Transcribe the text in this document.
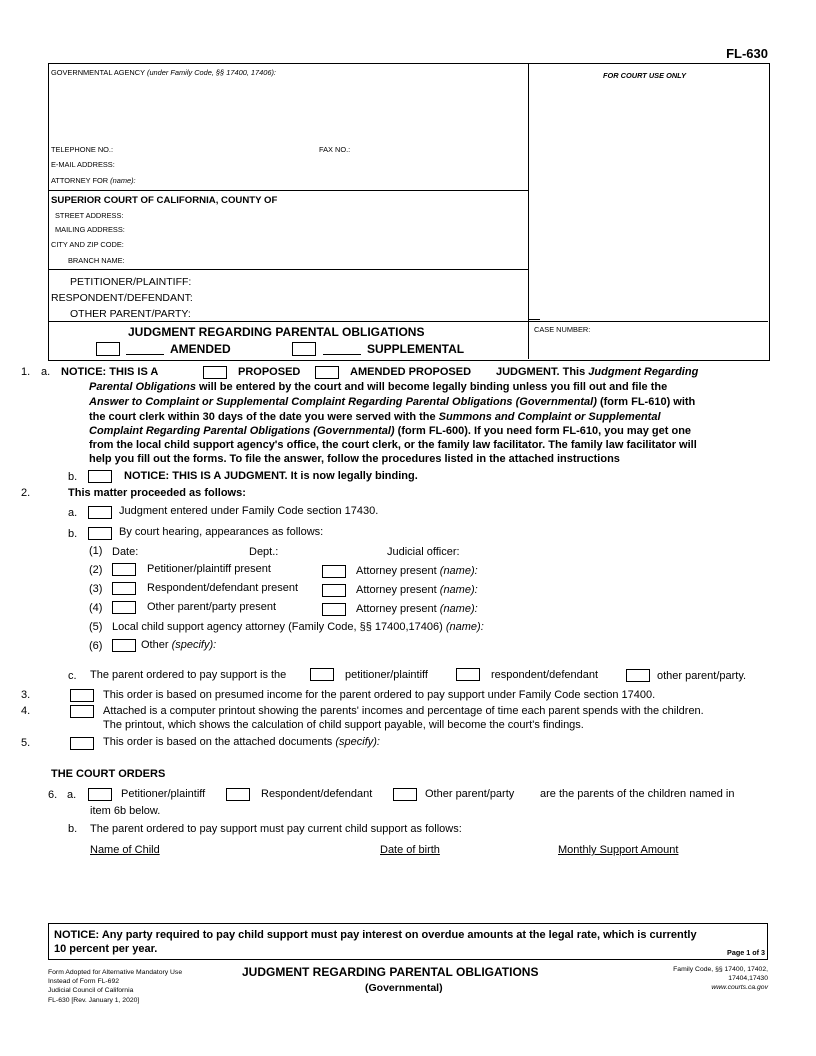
FL-630
GOVERNMENTAL AGENCY (under Family Code, §§ 17400, 17406):	FOR COURT USE ONLY
TELEPHONE NO.:	FAX NO.:
E-MAIL ADDRESS:
ATTORNEY FOR (name):
SUPERIOR COURT OF CALIFORNIA, COUNTY OF
STREET ADDRESS:
MAILING ADDRESS:
CITY AND ZIP CODE:
BRANCH NAME:
PETITIONER/PLAINTIFF:
RESPONDENT/DEFENDANT:
OTHER PARENT/PARTY:
JUDGMENT REGARDING PARENTAL OBLIGATIONS
AMENDED	SUPPLEMENTAL
CASE NUMBER:
1. a. NOTICE: THIS IS A	PROPOSED	AMENDED PROPOSED JUDGMENT. This Judgment Regarding
Parental Obligations will be entered by the court and will become legally binding unless you fill out and file the
Answer to Complaint or Supplemental Complaint Regarding Parental Obligations (Governmental) (form FL-610) with
the court clerk within 30 days of the date you were served with the Summons and Complaint or Supplemental
Complaint Regarding Parental Obligations (Governmental) (form FL-600). If you need form FL-610, you may get one
from the local child support agency's office, the court clerk, or the family law facilitator. The family law facilitator will
help you fill out the forms. To file the answer, follow the procedures listed in the attached instructions
b.	NOTICE: THIS IS A JUDGMENT. It is now legally binding.
2.	This matter proceeded as follows:
a.	Judgment entered under Family Code section 17430.
b.	By court hearing, appearances as follows:
(1) Date:	Dept.:	Judicial officer:
(2)	Petitioner/plaintiff present	Attorney present (name):
(3)	Respondent/defendant present	Attorney present (name):
(4)	Other parent/party present	Attorney present (name):
(5) Local child support agency attorney (Family Code, §§ 17400,17406) (name):
(6)	Other (specify):
c. The parent ordered to pay support is the	petitioner/plaintiff	respondent/defendant	other parent/party.
3.	This order is based on presumed income for the parent ordered to pay support under Family Code section 17400.
4.	Attached is a computer printout showing the parents' incomes and percentage of time each parent spends with the children.
The printout, which shows the calculation of child support payable, will become the court's findings.
5.	This order is based on the attached documents (specify):
THE COURT ORDERS
6. a.	Petitioner/plaintiff	Respondent/defendant	Other parent/party are the parents of the children named in
item 6b below.
b. The parent ordered to pay support must pay current child support as follows:
Name of Child	Date of birth	Monthly Support Amount
NOTICE: Any party required to pay child support must pay interest on overdue amounts at the legal rate, which is currently
10 percent per year.	Page 1 of 3
Form Adopted for Alternative Mandatory Use
Instead of Form FL-692
Judicial Council of California
FL-630 [Rev. January 1, 2020]
JUDGMENT REGARDING PARENTAL OBLIGATIONS
(Governmental)
Family Code, §§ 17400, 17402,
17404,17430
www.courts.ca.gov
